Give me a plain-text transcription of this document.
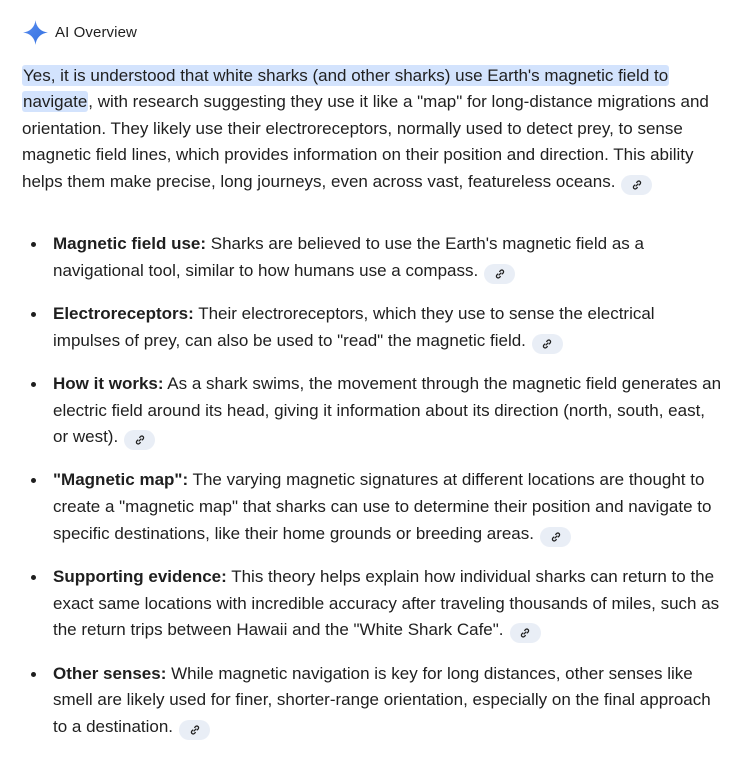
AI Overview

Yes, it is understood that white sharks (and other sharks) use Earth's magnetic field to navigate, with research suggesting they use it like a "map" for long-distance migrations and orientation. They likely use their electroreceptors, normally used to detect prey, to sense magnetic field lines, which provides information on their position and direction. This ability helps them make precise, long journeys, even across vast, featureless oceans.

Magnetic field use: Sharks are believed to use the Earth's magnetic field as a navigational tool, similar to how humans use a compass.
Electroreceptors: Their electroreceptors, which they use to sense the electrical impulses of prey, can also be used to "read" the magnetic field.
How it works: As a shark swims, the movement through the magnetic field generates an electric field around its head, giving it information about its direction (north, south, east, or west).
"Magnetic map": The varying magnetic signatures at different locations are thought to create a "magnetic map" that sharks can use to determine their position and navigate to specific destinations, like their home grounds or breeding areas.
Supporting evidence: This theory helps explain how individual sharks can return to the exact same locations with incredible accuracy after traveling thousands of miles, such as the return trips between Hawaii and the "White Shark Cafe".
Other senses: While magnetic navigation is key for long distances, other senses like smell are likely used for finer, shorter-range orientation, especially on the final approach to a destination.
